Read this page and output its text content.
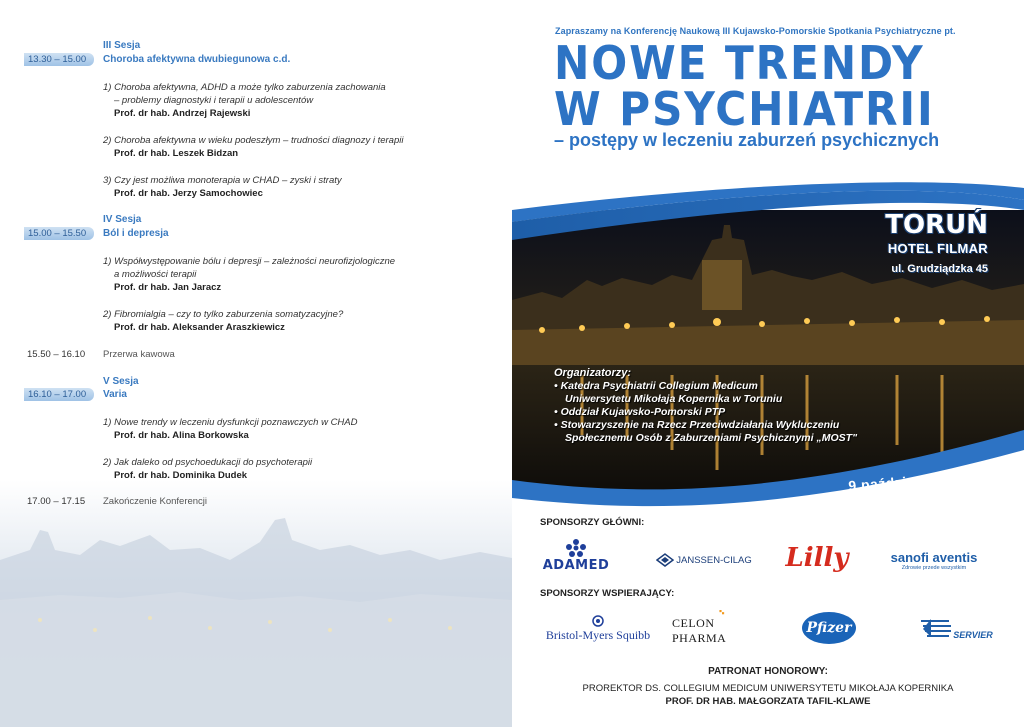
III Sesja
13.30 – 15.00	Choroba afektywna dwubiegunowa c.d.
1) Choroba afektywna, ADHD a może tylko zaburzenia zachowania
– problemy diagnostyki i terapii u adolescentów
Prof. dr hab. Andrzej Rajewski
2) Choroba afektywna w wieku podeszłym – trudności diagnozy i terapii
Prof. dr hab. Leszek Bidzan
3) Czy jest możliwa monoterapia w CHAD – zyski i straty
Prof. dr hab. Jerzy Samochowiec
IV Sesja
15.00 – 15.50	Ból i depresja
1) Współwystępowanie bólu i depresji – zależności neurofizjologiczne
a możliwości terapii
Prof. dr hab. Jan Jaracz
2) Fibromialgia – czy to tylko zaburzenia somatyzacyjne?
Prof. dr hab. Aleksander Araszkiewicz
15.50 – 16.10 Przerwa kawowa
V Sesja
16.10 – 17.00	Varia
1) Nowe trendy w leczeniu dysfunkcji poznawczych w CHAD
Prof. dr hab. Alina Borkowska
2) Jak daleko od psychoedukacji do psychoterapii
Prof. dr hab. Dominika Dudek
17.00 – 17.15 Zakończenie Konferencji
Zapraszamy na Konferencję Naukową III Kujawsko-Pomorskie Spotkania Psychiatryczne pt.
NOWE TRENDY
W PSYCHIATRII
– postępy w leczeniu zaburzeń psychicznych
TORUŃ
HOTEL FILMAR
ul. Grudziądzka 45
Organizatorzy:
• Katedra Psychiatrii Collegium Medicum
Uniwersytetu Mikołaja Kopernika w Toruniu
• Oddział Kujawsko-Pomorski PTP
• Stowarzyszenie na Rzecz Przeciwdziałania Wykluczeniu
Społecznemu Osób z Zaburzeniami Psychicznymi „MOST"
9 października 2010
SPONSORZY GŁÓWNI:
ADAMED	JANSSEN-CILAG Lilly	sanofi aventis
Zdrowie przede wszystkim
SPONSORZY WSPIERAJĄCY:
Bristol-Myers Squibb
CELON PHARMA
Pfizer	SERVIER
PATRONAT HONOROWY:
PROREKTOR DS. COLLEGIUM MEDICUM UNIWERSYTETU MIKOŁAJA KOPERNIKA
PROF. DR HAB. MAŁGORZATA TAFIL-KLAWE
